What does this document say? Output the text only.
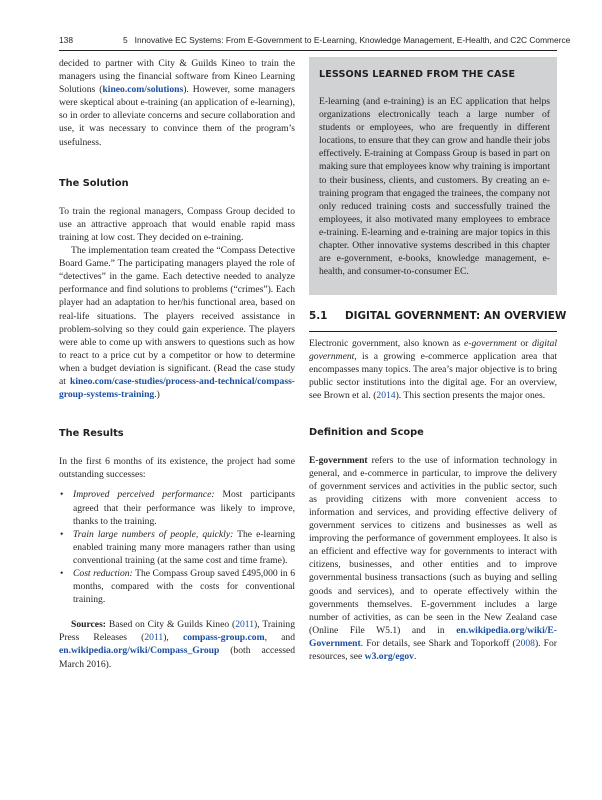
138	5   Innovative EC Systems: From E-Government to E-Learning, Knowledge Management, E-Health, and C2C Commerce

decided to partner with City & Guilds Kineo to train the managers using the financial software from Kineo Learning Solutions (kineo.com/solutions). However, some managers were skeptical about e-training (an application of e-learning), so in order to alleviate concerns and secure collaboration and use, it was necessary to convince them of the program’s usefulness.

The Solution

To train the regional managers, Compass Group decided to use an attractive approach that would enable rapid mass training at low cost. They decided on e-training.

The implementation team created the “Compass Detective Board Game.” The participating managers played the role of “detectives” in the game. Each detective needed to analyze performance and find solutions to problems (“crimes”). Each player had an adaptation to her/his functional area, based on real-life situations. The players received assistance in problem-solving so they could gain experience. The players were able to come up with answers to questions such as how to react to a price cut by a competitor or how to determine when a budget deviation is significant. (Read the case study at kineo.com/case-studies/process-and-technical/compass-group-systems-training.)

The Results

In the first 6 months of its existence, the project had some outstanding successes:

• Improved perceived performance: Most participants agreed that their performance was likely to improve, thanks to the training.
• Train large numbers of people, quickly: The e-learning enabled training many more managers rather than using conventional training (at the same cost and time frame).
• Cost reduction: The Compass Group saved £495,000 in 6 months, compared with the costs for conventional training.

Sources: Based on City & Guilds Kineo (2011), Training Press Releases (2011), compass-group.com, and en.wikipedia.org/wiki/Compass_Group (both accessed March 2016).

LESSONS LEARNED FROM THE CASE

E-learning (and e-training) is an EC application that helps organizations electronically teach a large number of students or employees, who are frequently in different locations, to ensure that they can grow and handle their jobs effectively. E-training at Compass Group is based in part on making sure that employees know why training is important to their business, clients, and customers. By creating an e-training program that engaged the trainees, the company not only reduced training costs and successfully trained the employees, it also motivated many employees to embrace e-training. E-learning and e-training are major topics in this chapter. Other innovative systems described in this chapter are e-government, e-books, knowledge management, e-health, and consumer-to-consumer EC.

5.1 DIGITAL GOVERNMENT: AN OVERVIEW

Electronic government, also known as e-government or digital government, is a growing e-commerce application area that encompasses many topics. The area’s major objective is to bring public sector institutions into the digital age. For an overview, see Brown et al. (2014). This section presents the major ones.

Definition and Scope

E-government refers to the use of information technology in general, and e-commerce in particular, to improve the delivery of government services and activities in the public sector, such as providing citizens with more convenient access to information and services, and providing effective delivery of government services to citizens and businesses as well as improving the performance of government employees. It also is an efficient and effective way for governments to interact with citizens, businesses, and other entities and to improve governmental business transactions (such as buying and selling goods and services), and to operate effectively within the governments themselves. E-government includes a large number of activities, as can be seen in the New Zealand case (Online File W5.1) and in en.wikipedia.org/wiki/E-Government. For details, see Shark and Toporkoff (2008). For resources, see w3.org/egov.
